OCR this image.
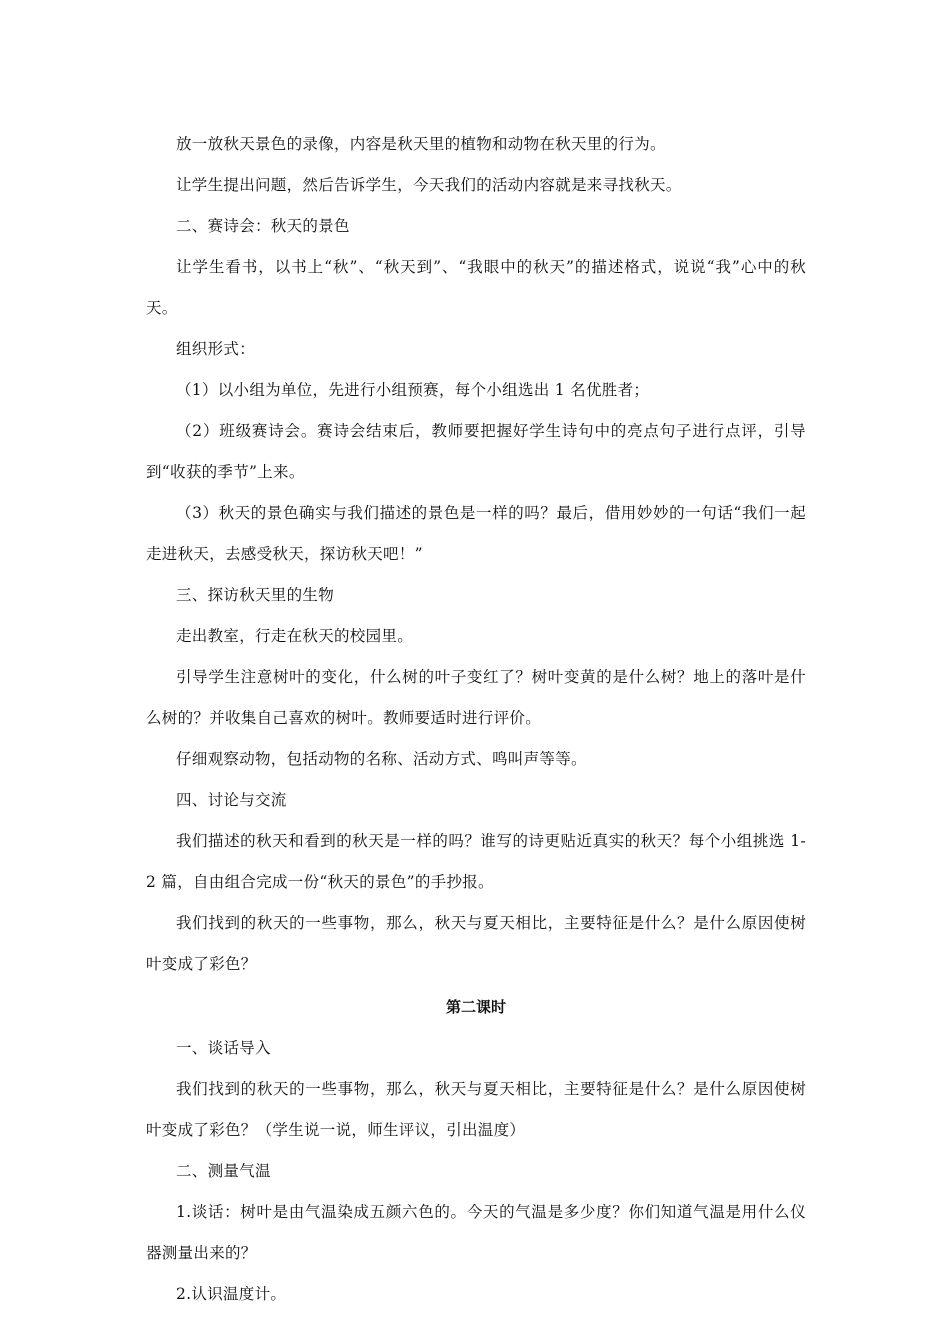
放一放秋天景色的录像，内容是秋天里的植物和动物在秋天里的行为。

让学生提出问题，然后告诉学生，今天我们的活动内容就是来寻找秋天。

二、赛诗会：秋天的景色

让学生看书，以书上“秋”、“秋天到”、“我眼中的秋天”的描述格式，说说“我”心中的秋天。

组织形式：

（1）以小组为单位，先进行小组预赛，每个小组选出 1 名优胜者；

（2）班级赛诗会。赛诗会结束后，教师要把握好学生诗句中的亮点句子进行点评，引导到“收获的季节”上来。

（3）秋天的景色确实与我们描述的景色是一样的吗？最后，借用妙妙的一句话“我们一起走进秋天，去感受秋天，探访秋天吧！”

三、探访秋天里的生物

走出教室，行走在秋天的校园里。

引导学生注意树叶的变化，什么树的叶子变红了？树叶变黄的是什么树？地上的落叶是什么树的？并收集自己喜欢的树叶。教师要适时进行评价。

仔细观察动物，包括动物的名称、活动方式、鸣叫声等等。

四、讨论与交流

我们描述的秋天和看到的秋天是一样的吗？谁写的诗更贴近真实的秋天？每个小组挑选 1-2 篇，自由组合完成一份“秋天的景色”的手抄报。

我们找到的秋天的一些事物，那么，秋天与夏天相比，主要特征是什么？是什么原因使树叶变成了彩色？

第二课时

一、谈话导入

我们找到的秋天的一些事物，那么，秋天与夏天相比，主要特征是什么？是什么原因使树叶变成了彩色？（学生说一说，师生评议，引出温度）

二、测量气温

1.谈话：树叶是由气温染成五颜六色的。今天的气温是多少度？你们知道气温是用什么仪器测量出来的？

2.认识温度计。
